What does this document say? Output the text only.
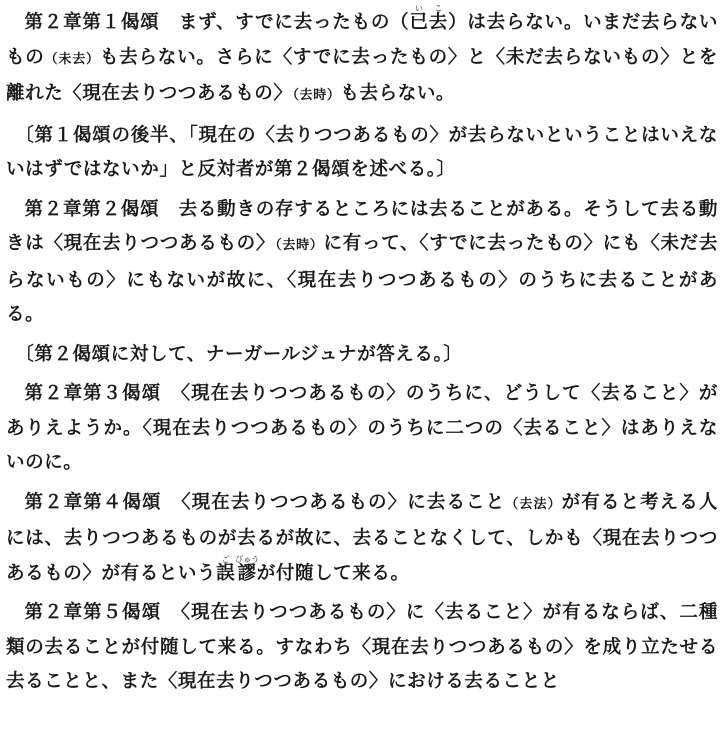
第２章第１偈頌　まず、すでに去ったもの（已い去こ）は去らない。いまだ去らないもの（未去）も去らない。さらに〈すでに去ったもの〉と〈未だ去らないもの〉とを離れた〈現在去りつつあるもの〉（去時）も去らない。

〔第１偈頌の後半、「現在の〈去りつつあるもの〉が去らないということはいえないはずではないか」と反対者が第２偈頌を述べる。〕

第２章第２偈頌　去る動きの存するところには去ることがある。そうして去る動きは〈現在去りつつあるもの〉（去時）に有って、〈すでに去ったもの〉にも〈未だ去らないもの〉にもないが故に、〈現在去りつつあるもの〉のうちに去ることがある。

〔第２偈頌に対して、ナーガールジュナが答える。〕

第２章第３偈頌　〈現在去りつつあるもの〉のうちに、どうして〈去ること〉がありえようか。〈現在去りつつあるもの〉のうちに二つの〈去ること〉はありえないのに。

第２章第４偈頌　〈現在去りつつあるもの〉に去ること（去法）が有ると考える人には、去りつつあるものが去るが故に、去ることなくして、しかも〈現在去りつつあるもの〉が有るという誤ご謬びゅうが付随して来る。

第２章第５偈頌　〈現在去りつつあるもの〉に〈去ること〉が有るならば、二種類の去ることが付随して来る。すなわち〈現在去りつつあるもの〉を成り立たせる去ることと、また〈現在去りつつあるもの〉における去ることと
